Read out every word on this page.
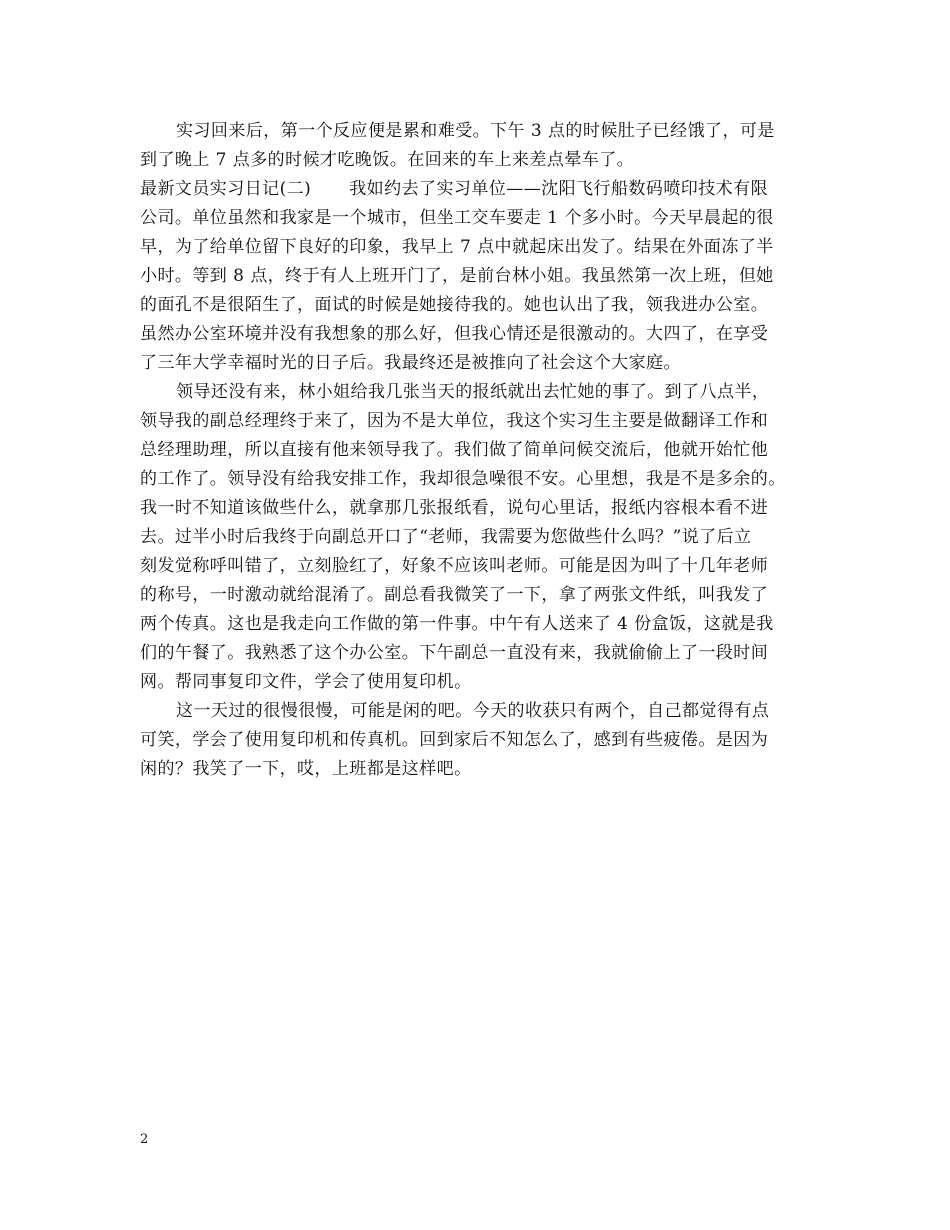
实习回来后，第一个反应便是累和难受。下午 3 点的时候肚子已经饿了，可是
到了晚上 7 点多的时候才吃晚饭。在回来的车上来差点晕车了。
最新文员实习日记(二) 我如约去了实习单位——沈阳飞行船数码喷印技术有限
公司。单位虽然和我家是一个城市，但坐工交车要走 1 个多小时。今天早晨起的很
早，为了给单位留下良好的印象，我早上 7 点中就起床出发了。结果在外面冻了半
小时。等到 8 点，终于有人上班开门了，是前台林小姐。我虽然第一次上班，但她
的面孔不是很陌生了，面试的时候是她接待我的。她也认出了我，领我进办公室。
虽然办公室环境并没有我想象的那么好，但我心情还是很激动的。大四了，在享受
了三年大学幸福时光的日子后。我最终还是被推向了社会这个大家庭。
领导还没有来，林小姐给我几张当天的报纸就出去忙她的事了。到了八点半，
领导我的副总经理终于来了，因为不是大单位，我这个实习生主要是做翻译工作和
总经理助理，所以直接有他来领导我了。我们做了简单问候交流后，他就开始忙他
的工作了。领导没有给我安排工作，我却很急噪很不安。心里想，我是不是多余的。
我一时不知道该做些什么，就拿那几张报纸看，说句心里话，报纸内容根本看不进
去。过半小时后我终于向副总开口了“老师，我需要为您做些什么吗？”说了后立
刻发觉称呼叫错了，立刻脸红了，好象不应该叫老师。可能是因为叫了十几年老师
的称号，一时激动就给混淆了。副总看我微笑了一下，拿了两张文件纸，叫我发了
两个传真。这也是我走向工作做的第一件事。中午有人送来了 4 份盒饭，这就是我
们的午餐了。我熟悉了这个办公室。下午副总一直没有来，我就偷偷上了一段时间
网。帮同事复印文件，学会了使用复印机。
这一天过的很慢很慢，可能是闲的吧。今天的收获只有两个，自己都觉得有点
可笑，学会了使用复印机和传真机。回到家后不知怎么了，感到有些疲倦。是因为
闲的？我笑了一下，哎，上班都是这样吧。
2
